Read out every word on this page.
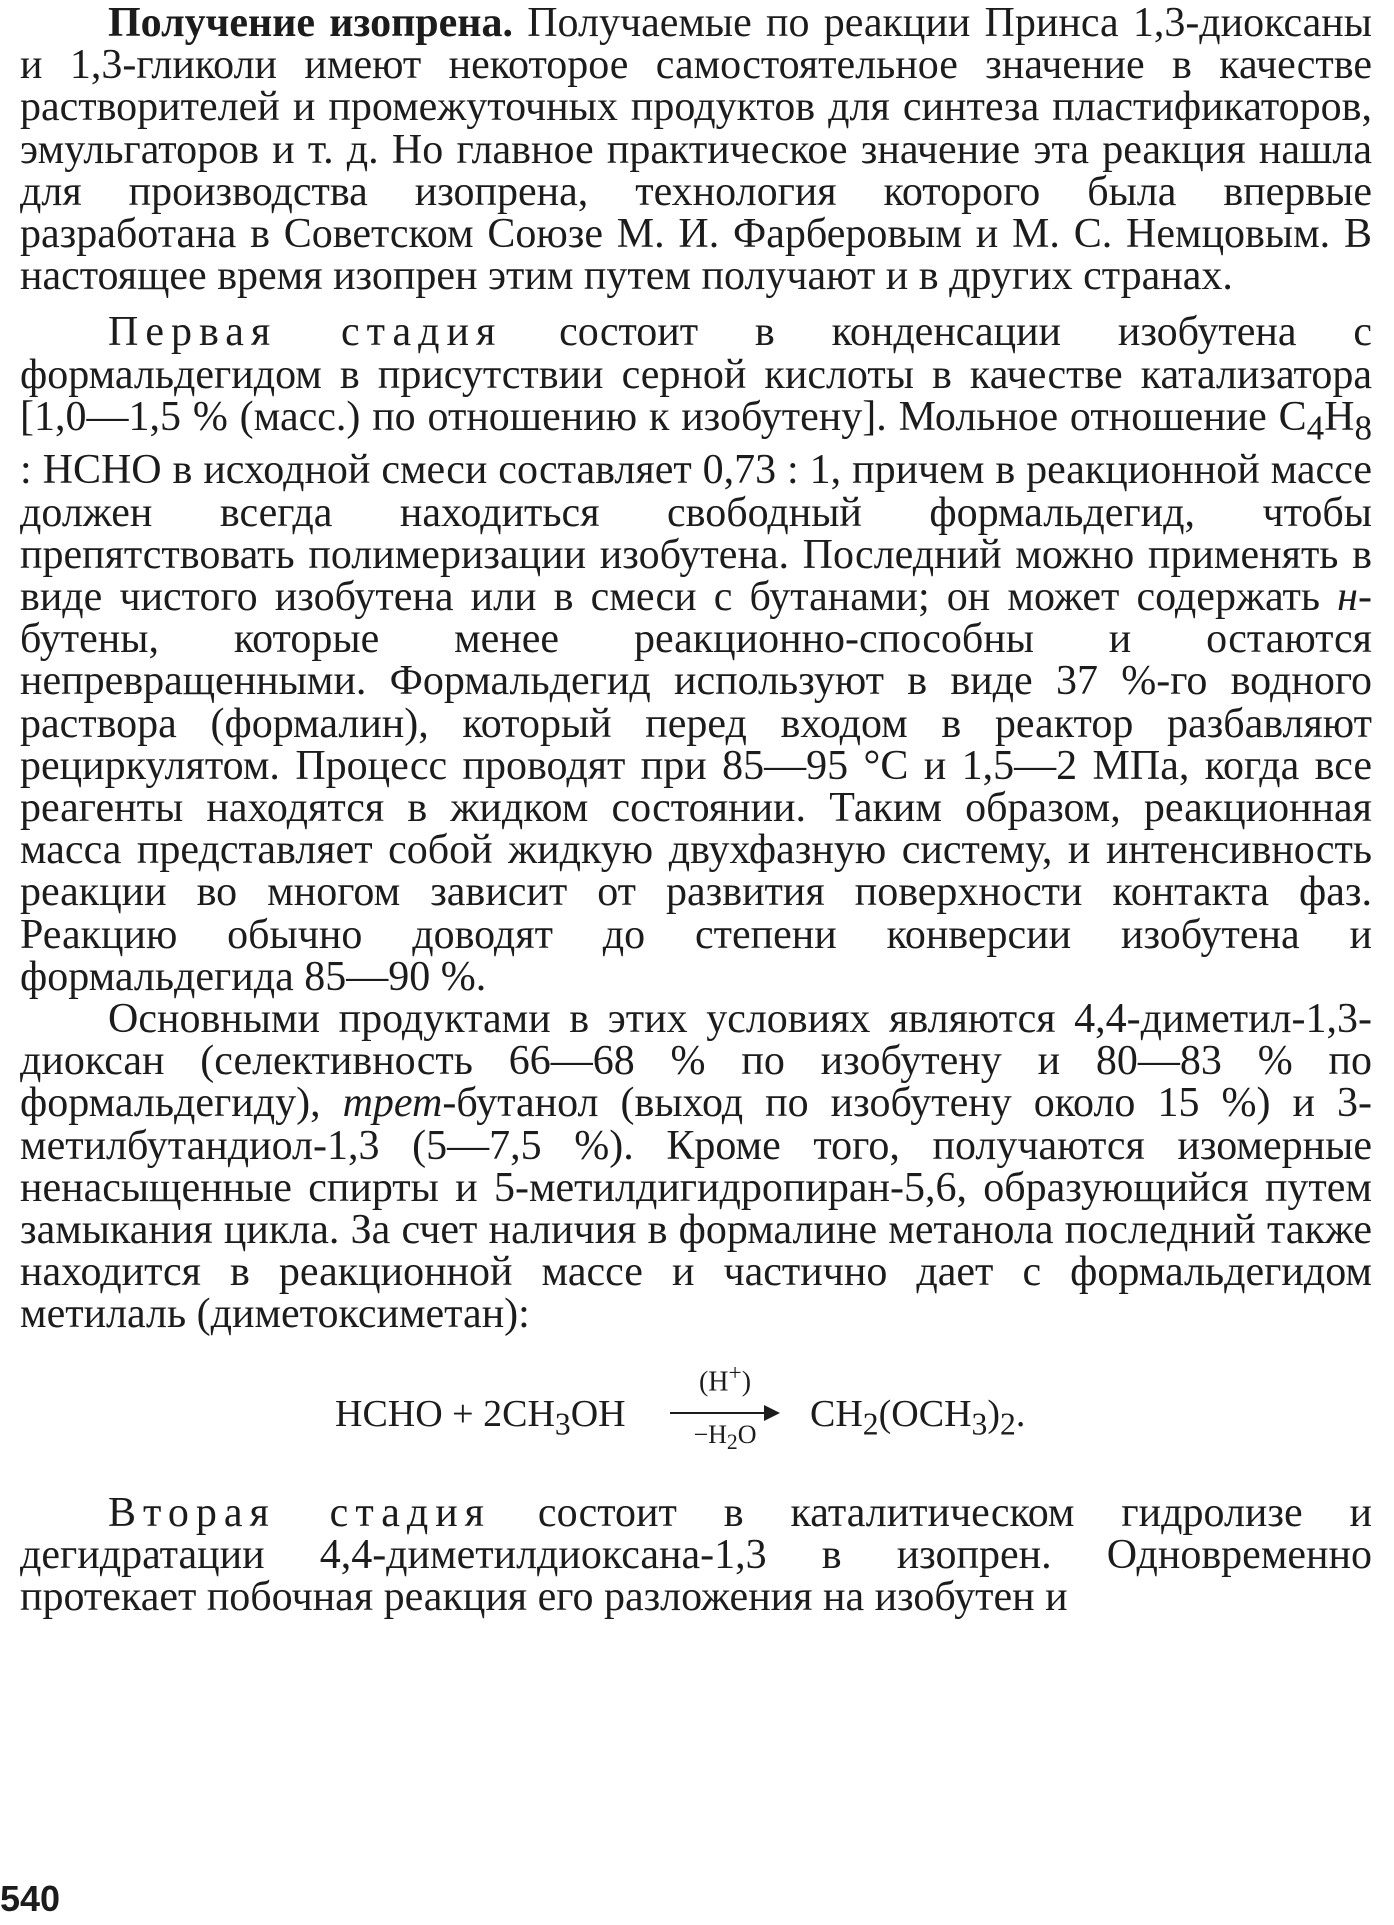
Получение изопрена. Получаемые по реакции Принса 1,3-диоксаны и 1,3-гликоли имеют некоторое самостоятельное значение в качестве растворителей и промежуточных продуктов для синтеза пластификаторов, эмульгаторов и т. д. Но главное практическое значение эта реакция нашла для производства изопрена, технология которого была впервые разработана в Советском Союзе М. И. Фарберовым и М. С. Немцовым. В настоящее время изопрен этим путем получают и в других странах.

Первая стадия состоит в конденсации изобутена с формальдегидом в присутствии серной кислоты в качестве катализатора [1,0—1,5 % (масс.) по отношению к изобутену]. Мольное отношение $C_4H_8$ : HCHO в исходной смеси составляет 0,73 : 1, причем в реакционной массе должен всегда находиться свободный формальдегид, чтобы препятствовать полимеризации изобутена. Последний можно применять в виде чистого изобутена или в смеси с бутанами; он может содержать н-бутены, которые менее реакционно-способны и остаются непревращенными. Формальдегид используют в виде 37 %-го водного раствора (формалин), который перед входом в реактор разбавляют рециркулятом. Процесс проводят при 85—95 °C и 1,5—2 МПа, когда все реагенты находятся в жидком состоянии. Таким образом, реакционная масса представляет собой жидкую двухфазную систему, и интенсивность реакции во многом зависит от развития поверхности контакта фаз. Реакцию обычно доводят до степени конверсии изобутена и формальдегида 85—90 %.

Основными продуктами в этих условиях являются 4,4-диметил-1,3-диоксан (селективность 66—68 % по изобутену и 80—83 % по формальдегиду), трет-бутанол (выход по изобутену около 15 %) и 3-метилбутандиол-1,3 (5—7,5 %). Кроме того, получаются изомерные ненасыщенные спирты и 5-метилдигидропиран-5,6, образующийся путем замыкания цикла. За счет наличия в формалине метанола последний также находится в реакционной массе и частично дает с формальдегидом метилаль (диметоксиметан):

HCHO + $2CH_3OH$
(H+)
$-H_2O$	$CH_2(OCH_3)_2$.

Вторая стадия состоит в каталитическом гидролизе и дегидратации 4,4-диметилдиоксана-1,3 в изопрен. Одновременно протекает побочная реакция его разложения на изобутен и

540
